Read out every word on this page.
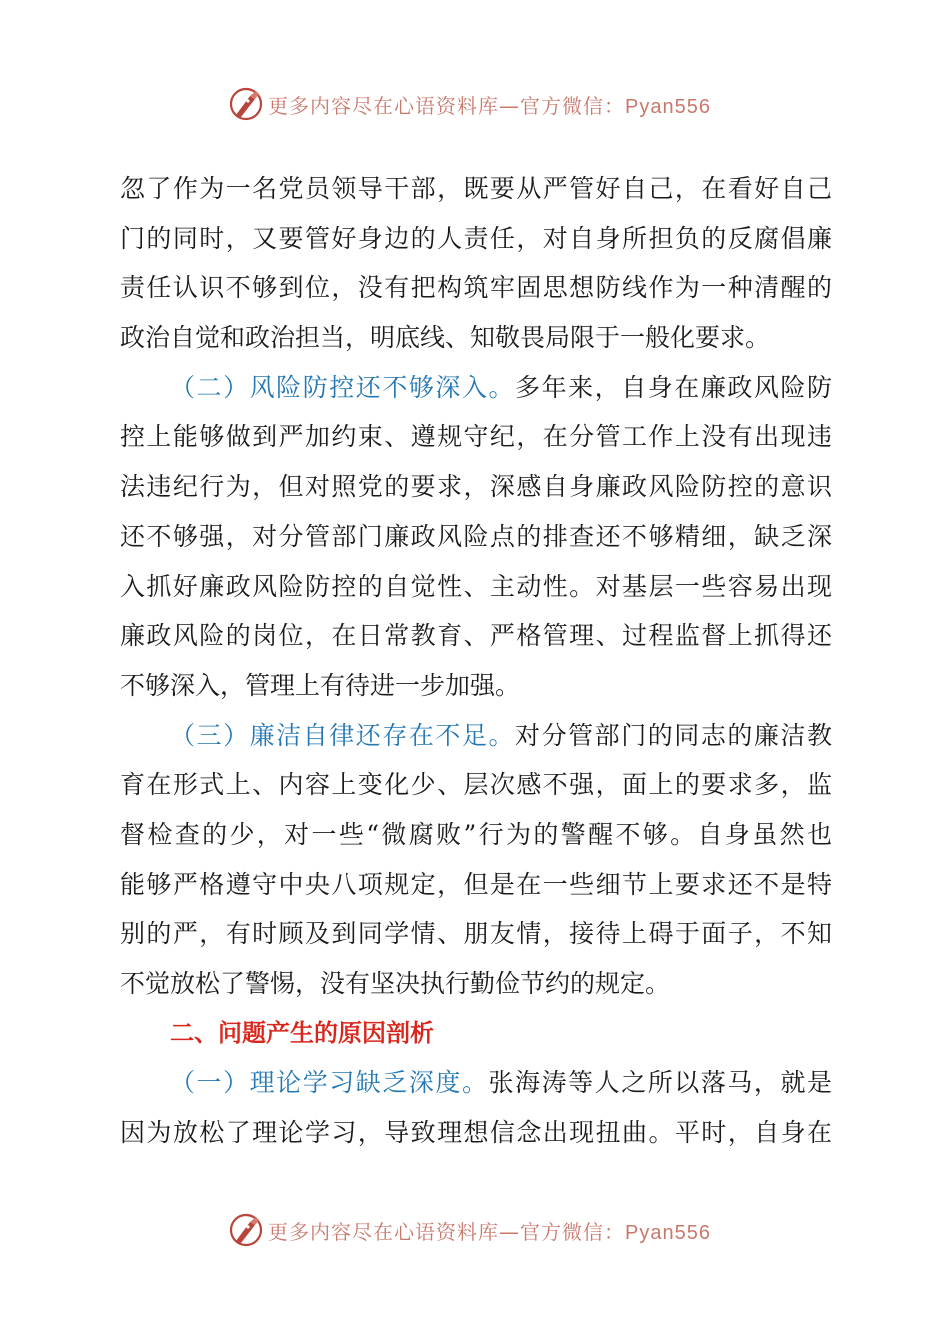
更多内容尽在心语资料库—官方微信：Pyan556
忽了作为一名党员领导干部，既要从严管好自己，在看好自己
门的同时，又要管好身边的人责任，对自身所担负的反腐倡廉
责任认识不够到位，没有把构筑牢固思想防线作为一种清醒的
政治自觉和政治担当，明底线、知敬畏局限于一般化要求。
（二）风险防控还不够深入。多年来，自身在廉政风险防
控上能够做到严加约束、遵规守纪，在分管工作上没有出现违
法违纪行为，但对照党的要求，深感自身廉政风险防控的意识
还不够强，对分管部门廉政风险点的排查还不够精细，缺乏深
入抓好廉政风险防控的自觉性、主动性。对基层一些容易出现
廉政风险的岗位，在日常教育、严格管理、过程监督上抓得还
不够深入，管理上有待进一步加强。
（三）廉洁自律还存在不足。对分管部门的同志的廉洁教
育在形式上、内容上变化少、层次感不强，面上的要求多，监
督检查的少，对一些“微腐败”行为的警醒不够。自身虽然也
能够严格遵守中央八项规定，但是在一些细节上要求还不是特
别的严，有时顾及到同学情、朋友情，接待上碍于面子，不知
不觉放松了警惕，没有坚决执行勤俭节约的规定。
二、问题产生的原因剖析
（一）理论学习缺乏深度。张海涛等人之所以落马，就是
因为放松了理论学习，导致理想信念出现扭曲。平时，自身在
更多内容尽在心语资料库—官方微信：Pyan556
